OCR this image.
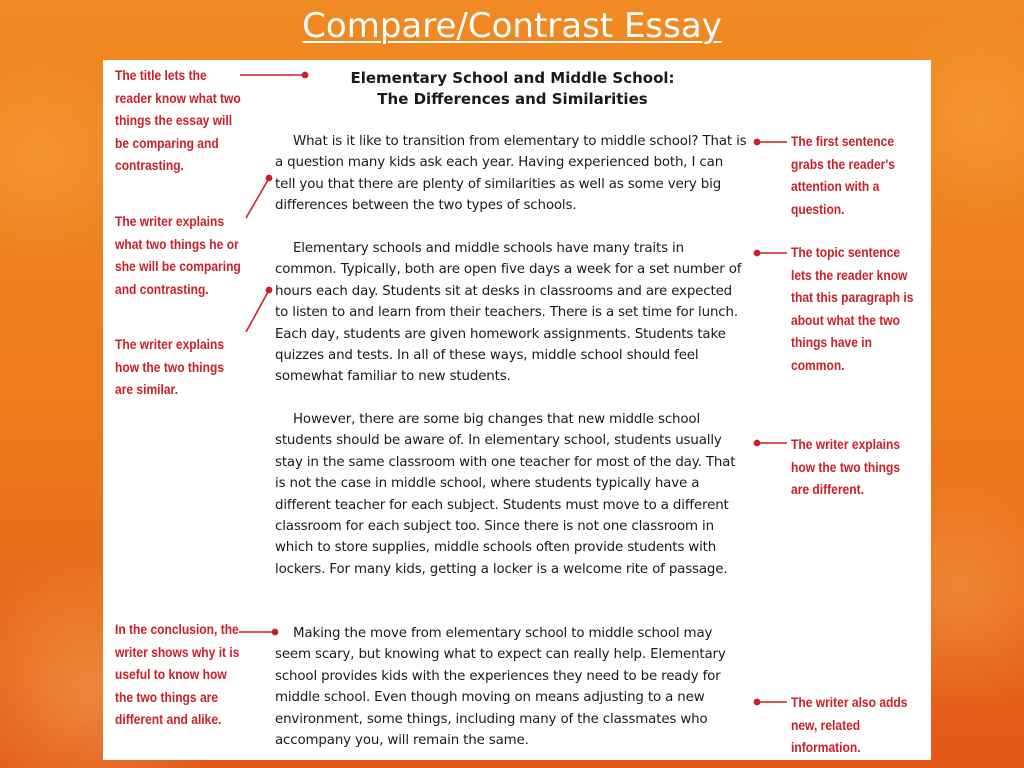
Compare/Contrast Essay
Elementary School and Middle School:
The Differences and Similarities

What is it like to transition from elementary to middle school? That is a question many kids ask each year. Having experienced both, I can tell you that there are plenty of similarities as well as some very big differences between the two types of schools.

Elementary schools and middle schools have many traits in common. Typically, both are open five days a week for a set number of hours each day. Students sit at desks in classrooms and are expected to listen to and learn from their teachers. There is a set time for lunch. Each day, students are given homework assignments. Students take quizzes and tests. In all of these ways, middle school should feel somewhat familiar to new students.

However, there are some big changes that new middle school students should be aware of. In elementary school, students usually stay in the same classroom with one teacher for most of the day. That is not the case in middle school, where students typically have a different teacher for each subject. Students must move to a different classroom for each subject too. Since there is not one classroom in which to store supplies, middle schools often provide students with lockers. For many kids, getting a locker is a welcome rite of passage.

Making the move from elementary school to middle school may seem scary, but knowing what to expect can really help. Elementary school provides kids with the experiences they need to be ready for middle school. Even though moving on means adjusting to a new environment, some things, including many of the classmates who accompany you, will remain the same.

The title lets the reader know what two things the essay will be comparing and contrasting.

The writer explains what two things he or she will be comparing and contrasting.

The writer explains how the two things are similar.

In the conclusion, the writer shows why it is useful to know how the two things are different and alike.

The first sentence grabs the reader's attention with a question.

The topic sentence lets the reader know that this paragraph is about what the two things have in common.

The writer explains how the two things are different.

The writer also adds new, related information.
